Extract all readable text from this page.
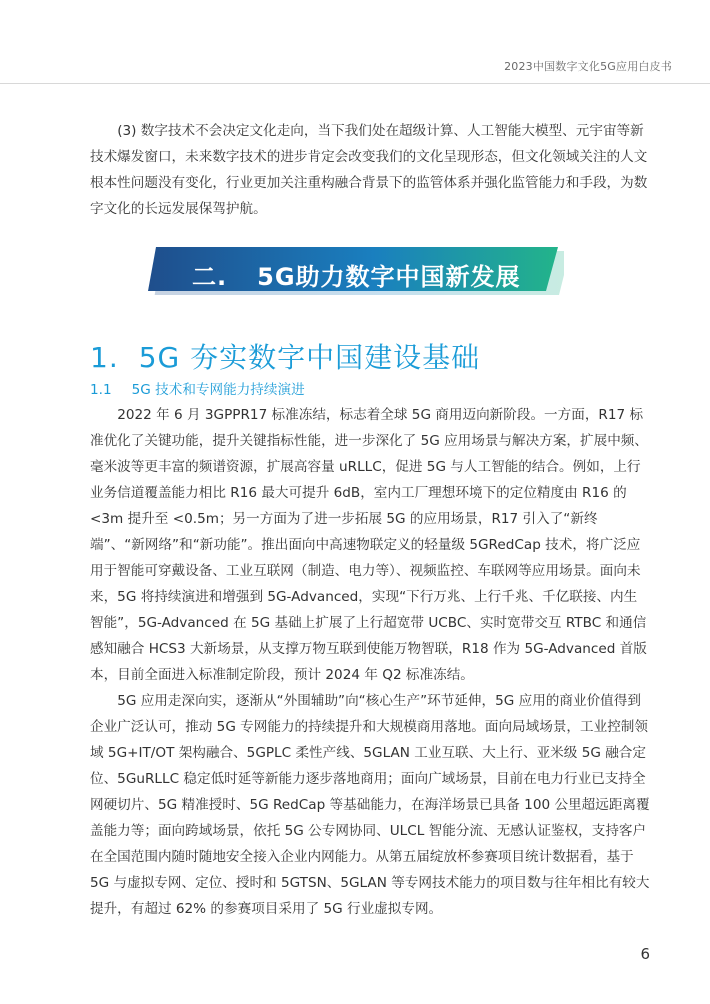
2023中国数字文化5G应用白皮书

(3) 数字技术不会决定文化走向，当下我们处在超级计算、人工智能大模型、元宇宙等新技术爆发窗口，未来数字技术的进步肯定会改变我们的文化呈现形态，但文化领域关注的人文根本性问题没有变化，行业更加关注重构融合背景下的监管体系并强化监管能力和手段，为数字文化的长远发展保驾护航。

二. 5G助力数字中国新发展
1. 5G 夯实数字中国建设基础
1.1 5G 技术和专网能力持续演进

2022 年 6 月 3GPPR17 标准冻结，标志着全球 5G 商用迈向新阶段。一方面，R17 标准优化了关键功能，提升关键指标性能，进一步深化了 5G 应用场景与解决方案，扩展中频、毫米波等更丰富的频谱资源，扩展高容量 uRLLC，促进 5G 与人工智能的结合。例如，上行业务信道覆盖能力相比 R16 最大可提升 6dB，室内工厂理想环境下的定位精度由 R16 的 <3m 提升至 <0.5m；另一方面为了进一步拓展 5G 的应用场景，R17 引入了“新终端”、“新网络”和“新功能”。推出面向中高速物联定义的轻量级 5GRedCap 技术，将广泛应用于智能可穿戴设备、工业互联网（制造、电力等）、视频监控、车联网等应用场景。面向未来，5G 将持续演进和增强到 5G-Advanced，实现“下行万兆、上行千兆、千亿联接、内生智能”，5G-Advanced 在 5G 基础上扩展了上行超宽带 UCBC、实时宽带交互 RTBC 和通信感知融合 HCS3 大新场景，从支撑万物互联到使能万物智联，R18 作为 5G-Advanced 首版本，目前全面进入标准制定阶段，预计 2024 年 Q2 标准冻结。

5G 应用走深向实，逐渐从“外围辅助”向“核心生产”环节延伸，5G 应用的商业价值得到企业广泛认可，推动 5G 专网能力的持续提升和大规模商用落地。面向局域场景，工业控制领域 5G+IT/OT 架构融合、5GPLC 柔性产线、5GLAN 工业互联、大上行、亚米级 5G 融合定位、5GuRLLC 稳定低时延等新能力逐步落地商用；面向广域场景，目前在电力行业已支持全网硬切片、5G 精准授时、5G RedCap 等基础能力，在海洋场景已具备 100 公里超远距离覆盖能力等；面向跨域场景，依托 5G 公专网协同、ULCL 智能分流、无感认证鉴权，支持客户在全国范围内随时随地安全接入企业内网能力。从第五届绽放杯参赛项目统计数据看，基于 5G 与虚拟专网、定位、授时和 5GTSN、5GLAN 等专网技术能力的项目数与往年相比有较大提升，有超过 62% 的参赛项目采用了 5G 行业虚拟专网。

6
